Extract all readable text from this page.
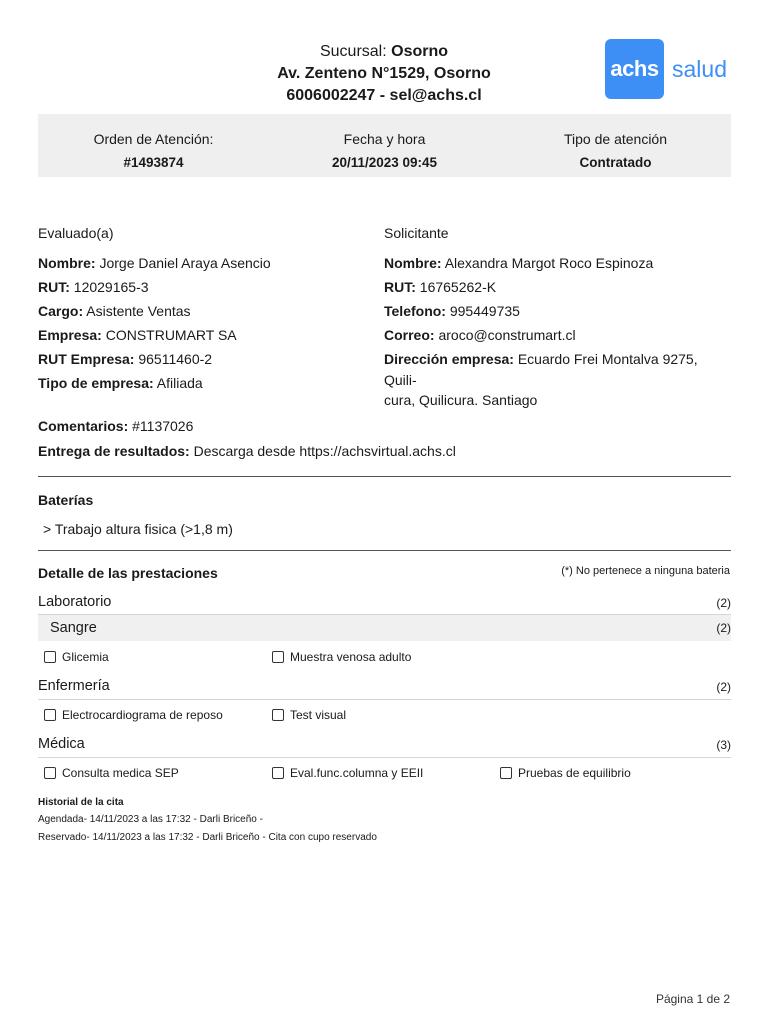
Sucursal: Osorno
Av. Zenteno N°1529, Osorno
6006002247 - sel@achs.cl
achs salud
Orden de Atención:
#1493874
Fecha y hora
20/11/2023 09:45
Tipo de atención
Contratado
Evaluado(a)
Nombre: Jorge Daniel Araya Asencio
RUT: 12029165-3
Cargo: Asistente Ventas
Empresa: CONSTRUMART SA
RUT Empresa: 96511460-2
Tipo de empresa: Afiliada
Solicitante
Nombre: Alexandra Margot Roco Espinoza
RUT: 16765262-K
Telefono: 995449735
Correo: aroco@construmart.cl
Dirección empresa: Ecuardo Frei Montalva 9275, Quili-
cura, Quilicura. Santiago
Comentarios: #1137026
Entrega de resultados: Descarga desde https://achsvirtual.achs.cl
Baterías
> Trabajo altura fisica (>1,8 m)
Detalle de las prestaciones	(*) No pertenece a ninguna bateria
Laboratorio	(2)
Sangre	(2)
Glicemia	Muestra venosa adulto
Enfermería	(2)
Electrocardiograma de reposo	Test visual
Médica	(3)
Consulta medica SEP	Eval.func.columna y EEII	Pruebas de equilibrio
Historial de la cita
Agendada- 14/11/2023 a las 17:32 - Darli Briceño -
Reservado- 14/11/2023 a las 17:32 - Darli Briceño - Cita con cupo reservado
Página 1 de 2
